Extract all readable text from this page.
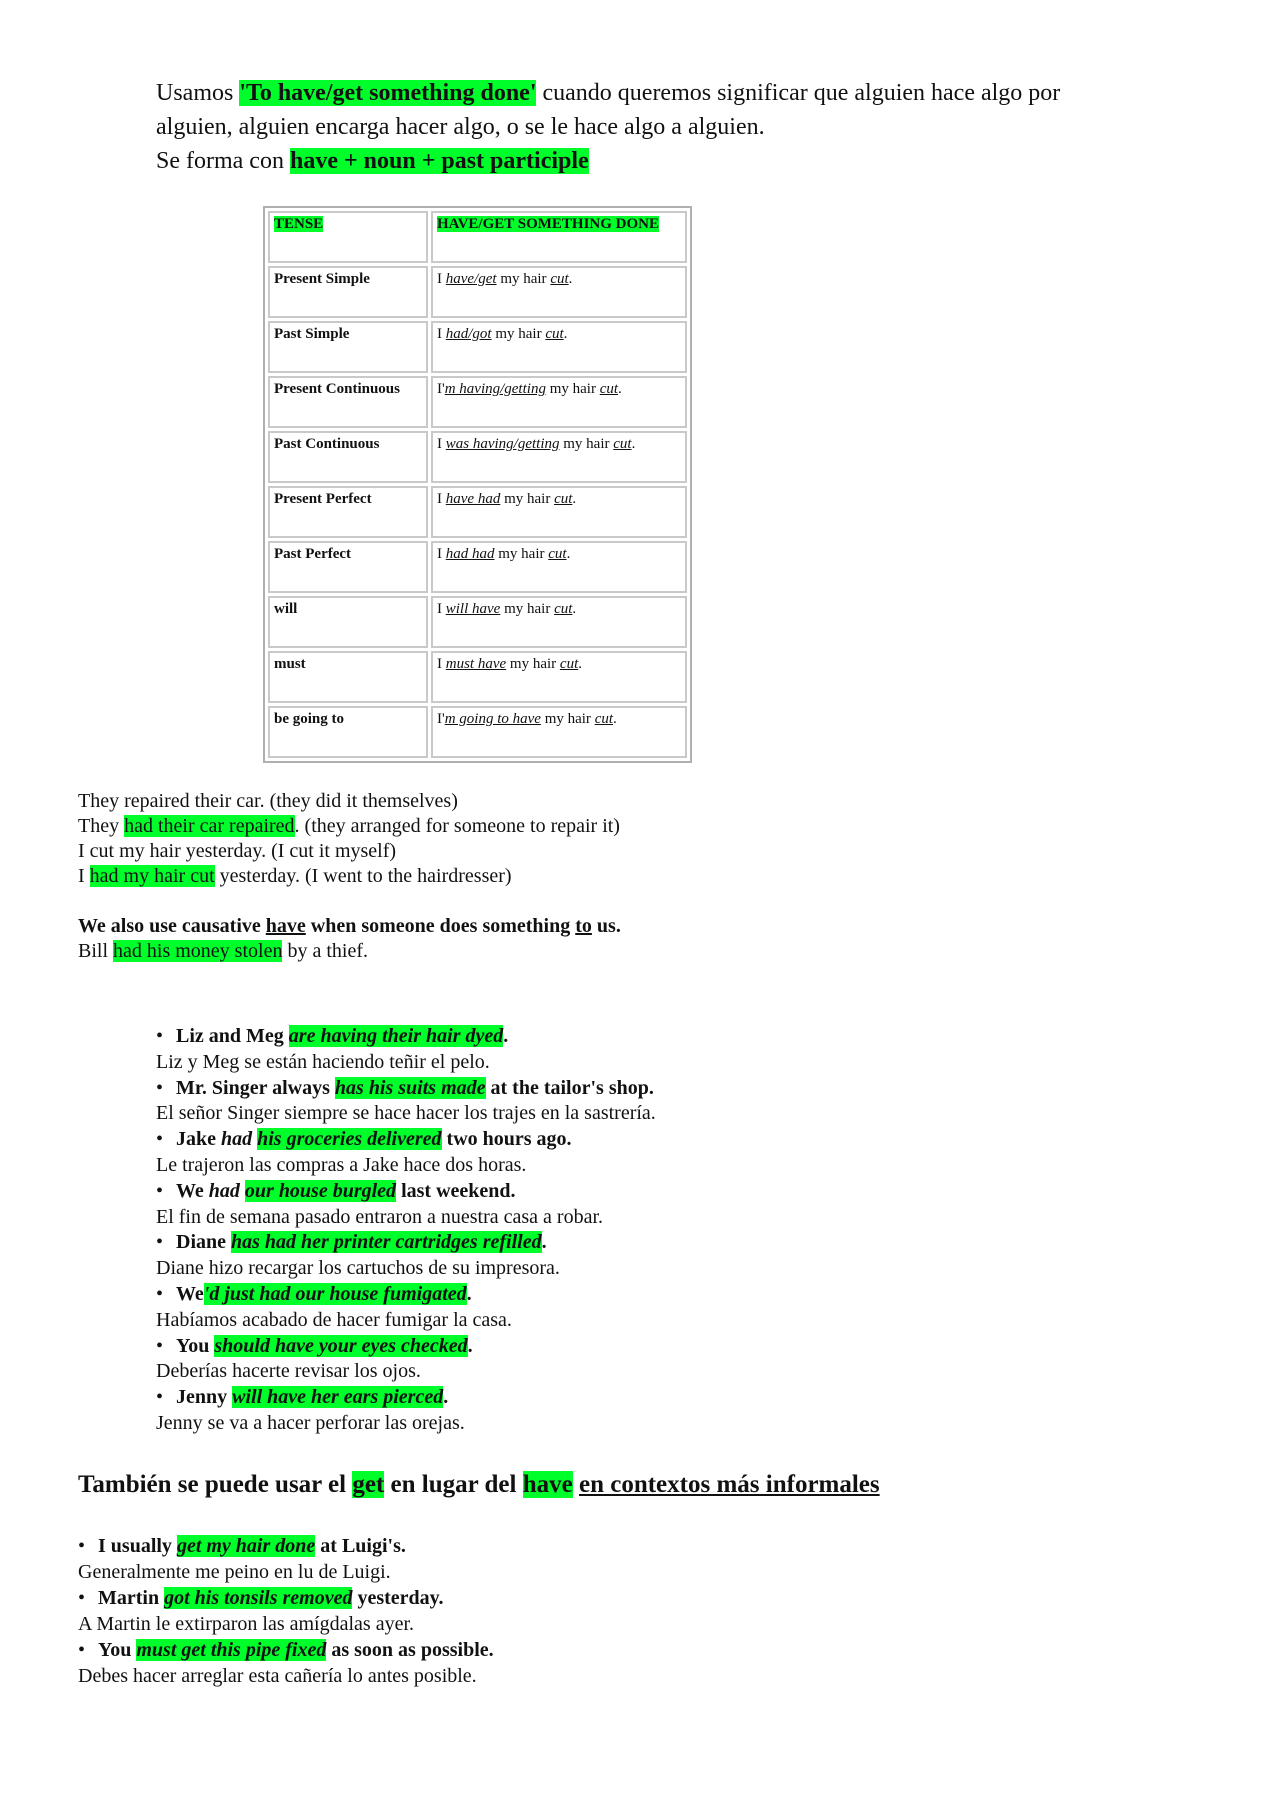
Usamos 'To have/get something done' cuando queremos significar que alguien hace algo por

alguien, alguien encarga hacer algo, o se le hace algo a alguien.

Se forma con have + noun + past participle

TENSE	HAVE/GET SOMETHING DONE
Present Simple	I have/get my hair cut.
Past Simple	I had/got my hair cut.
Present Continuous	I'm having/getting my hair cut.
Past Continuous	I was having/getting my hair cut.
Present Perfect	I have had my hair cut.
Past Perfect	I had had my hair cut.
will	I will have my hair cut.
must	I must have my hair cut.
be going to	I'm going to have my hair cut.

They repaired their car. (they did it themselves)

They had their car repaired. (they arranged for someone to repair it)

I cut my hair yesterday. (I cut it myself)

I had my hair cut yesterday. (I went to the hairdresser)

We also use causative have when someone does something to us.

Bill had his money stolen by a thief.

• Liz and Meg are having their hair dyed.

Liz y Meg se están haciendo teñir el pelo.

• Mr. Singer always has his suits made at the tailor's shop.

El señor Singer siempre se hace hacer los trajes en la sastrería.

• Jake had his groceries delivered two hours ago.

Le trajeron las compras a Jake hace dos horas.

• We had our house burgled last weekend.

El fin de semana pasado entraron a nuestra casa a robar.

• Diane has had her printer cartridges refilled.

Diane hizo recargar los cartuchos de su impresora.

• We'd just had our house fumigated.

Habíamos acabado de hacer fumigar la casa.

• You should have your eyes checked.

Deberías hacerte revisar los ojos.

• Jenny will have her ears pierced.

Jenny se va a hacer perforar las orejas.

También se puede usar el get en lugar del have en contextos más informales

• I usually get my hair done at Luigi's.

Generalmente me peino en lu de Luigi.

• Martin got his tonsils removed yesterday.

A Martin le extirparon las amígdalas ayer.

• You must get this pipe fixed as soon as possible.

Debes hacer arreglar esta cañería lo antes posible.
